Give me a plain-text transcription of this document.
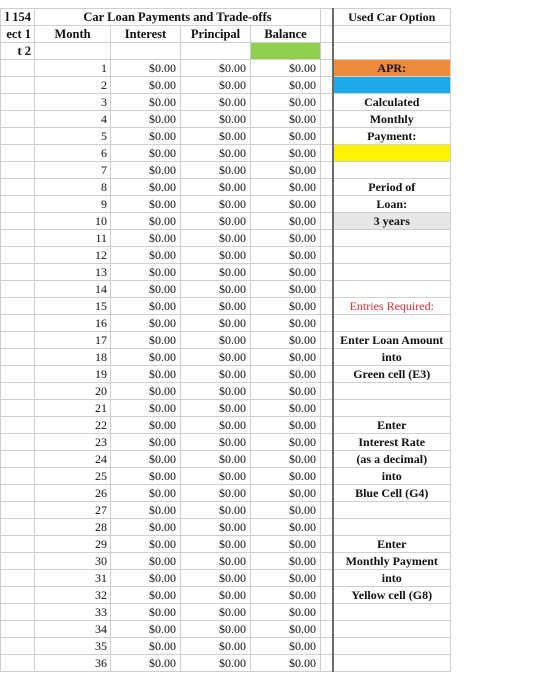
l 154	Car Loan Payments and Trade-offs					Used Car Option
ect 1	Month	Interest	Principal	Balance		
t 2						
	1	$0.00	$0.00	$0.00		APR:
	2	$0.00	$0.00	$0.00		
	3	$0.00	$0.00	$0.00		Calculated
	4	$0.00	$0.00	$0.00		Monthly
	5	$0.00	$0.00	$0.00		Payment:
	6	$0.00	$0.00	$0.00		
	7	$0.00	$0.00	$0.00		
	8	$0.00	$0.00	$0.00		Period of
	9	$0.00	$0.00	$0.00		Loan:
	10	$0.00	$0.00	$0.00		3 years
	11	$0.00	$0.00	$0.00		
	12	$0.00	$0.00	$0.00		
	13	$0.00	$0.00	$0.00		
	14	$0.00	$0.00	$0.00		
	15	$0.00	$0.00	$0.00		Entries Required:
	16	$0.00	$0.00	$0.00		
	17	$0.00	$0.00	$0.00		Enter Loan Amount
	18	$0.00	$0.00	$0.00		into
	19	$0.00	$0.00	$0.00		Green cell (E3)
	20	$0.00	$0.00	$0.00		
	21	$0.00	$0.00	$0.00		
	22	$0.00	$0.00	$0.00		Enter
	23	$0.00	$0.00	$0.00		Interest Rate
	24	$0.00	$0.00	$0.00		(as a decimal)
	25	$0.00	$0.00	$0.00		into
	26	$0.00	$0.00	$0.00		Blue Cell (G4)
	27	$0.00	$0.00	$0.00		
	28	$0.00	$0.00	$0.00		
	29	$0.00	$0.00	$0.00		Enter
	30	$0.00	$0.00	$0.00		Monthly Payment
	31	$0.00	$0.00	$0.00		into
	32	$0.00	$0.00	$0.00		Yellow cell (G8)
	33	$0.00	$0.00	$0.00		
	34	$0.00	$0.00	$0.00		
	35	$0.00	$0.00	$0.00		
	36	$0.00	$0.00	$0.00		
